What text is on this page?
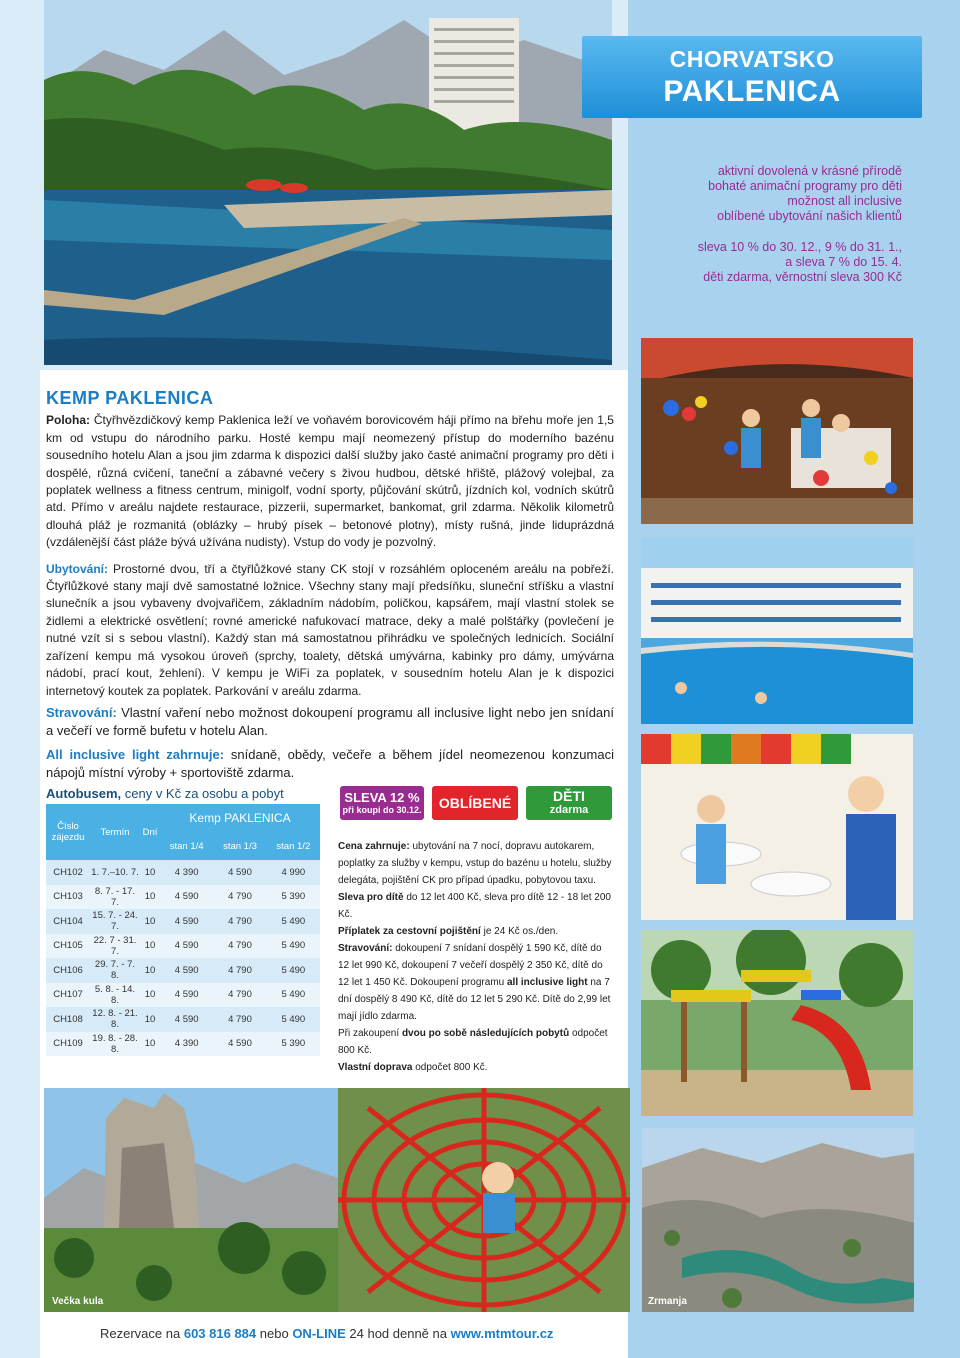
CHORVATSKO
PAKLENICA

aktivní dovolená v krásné přírodě

bohaté animační programy pro děti

možnost all inclusive

oblíbené ubytování našich klientů

sleva 10 % do 30. 12., 9 % do 31. 1.,

a sleva 7 % do 15. 4.

děti zdarma, věrnostní sleva 300 Kč

KEMP PAKLENICA

Poloha: Čtyřhvězdičkový kemp Paklenica leží ve voňavém borovicovém háji přímo na břehu moře jen 1,5 km od vstupu do národního parku. Hosté kempu mají neomezený přístup do moderního bazénu sousedního hotelu Alan a jsou jim zdarma k dispozici další služby jako časté animační programy pro děti i dospělé, různá cvičení, taneční a zábavné večery s živou hudbou, dětské hřiště, plážový volejbal, za poplatek wellness a fitness centrum, minigolf, vodní sporty, půjčování skútrů, jízdních kol, vodních skútrů atd. Přímo v areálu najdete restaurace, pizzerii, supermarket, bankomat, gril zdarma. Několik kilometrů dlouhá pláž je rozmanitá (oblázky – hrubý písek – betonové plotny), místy rušná, jinde liduprázdná (vzdálenější část pláže bývá užívána nudisty). Vstup do vody je pozvolný.

Ubytování: Prostorné dvou, tří a čtyřlůžkové stany CK stojí v rozsáhlém oploceném areálu na pobřeží. Čtyřlůžkové stany mají dvě samostatné ložnice. Všechny stany mají předsíňku, sluneční stříšku a vlastní slunečník a jsou vybaveny dvojvařičem, základním nádobím, poličkou, kapsářem, mají vlastní stolek se židlemi a elektrické osvětlení; rovné americké nafukovací matrace, deky a malé polštářky (povlečení je nutné vzít si s sebou vlastní). Každý stan má samostatnou přihrádku ve společných lednicích. Sociální zařízení kempu má vysokou úroveň (sprchy, toalety, dětská umývárna, kabinky pro dámy, umývárna nádobí, prací kout, žehlení). V kempu je WiFi za poplatek, v sousedním hotelu Alan je k dispozici internetový koutek za poplatek. Parkování v areálu zdarma.

Stravování: Vlastní vaření nebo možnost dokoupení programu all inclusive light nebo jen snídaní a večeří ve formě bufetu v hotelu Alan.

All inclusive light zahrnuje: snídaně, obědy, večeře a během jídel neomezenou konzumaci nápojů místní výroby + sportoviště zdarma.

Autobusem, ceny v Kč za osobu a pobyt
Číslo zájezdu	Termín	Dní	Kemp PAKLENICA		
			stan 1/4	stan 1/3	stan 1/2
CH102	1. 7.–10. 7.	10	4 390	4 590	4 990
CH103	8. 7. - 17. 7.	10	4 590	4 790	5 390
CH104	15. 7. - 24. 7.	10	4 590	4 790	5 490
CH105	22. 7 - 31. 7.	10	4 590	4 790	5 490
CH106	29. 7. - 7. 8.	10	4 590	4 790	5 490
CH107	5. 8. - 14. 8.	10	4 590	4 790	5 490
CH108	12. 8. - 21. 8.	10	4 590	4 790	5 490
CH109	19. 8. - 28. 8.	10	4 390	4 590	5 390
SLEVA 12 %
při koupi do 30.12.	OBLÍBENÉ	DĚTI
zdarma

Cena zahrnuje: ubytování na 7 nocí, dopravu autokarem, poplatky za služby v kempu, vstup do bazénu u hotelu, služby delegáta, pojištění CK pro případ úpadku, pobytovou taxu.

Sleva pro dítě do 12 let 400 Kč, sleva pro dítě 12 - 18 let 200 Kč.

Příplatek za cestovní pojištění je 24 Kč os./den.

Stravování: dokoupení 7 snídaní dospělý 1 590 Kč, dítě do 12 let 990 Kč, dokoupení 7 večeří dospělý 2 350 Kč, dítě do 12 let 1 450 Kč. Dokoupení programu all inclusive light na 7 dní dospělý 8 490 Kč, dítě do 12 let 5 290 Kč. Dítě do 2,99 let mají jídlo zdarma.

Při zakoupení dvou po sobě následujících pobytů odpočet 800 Kč.

Vlastní doprava odpočet 800 Kč.

Večka kula	Zrmanja
Rezervace na 603 816 884 nebo ON-LINE 24 hod denně na www.mtmtour.cz
